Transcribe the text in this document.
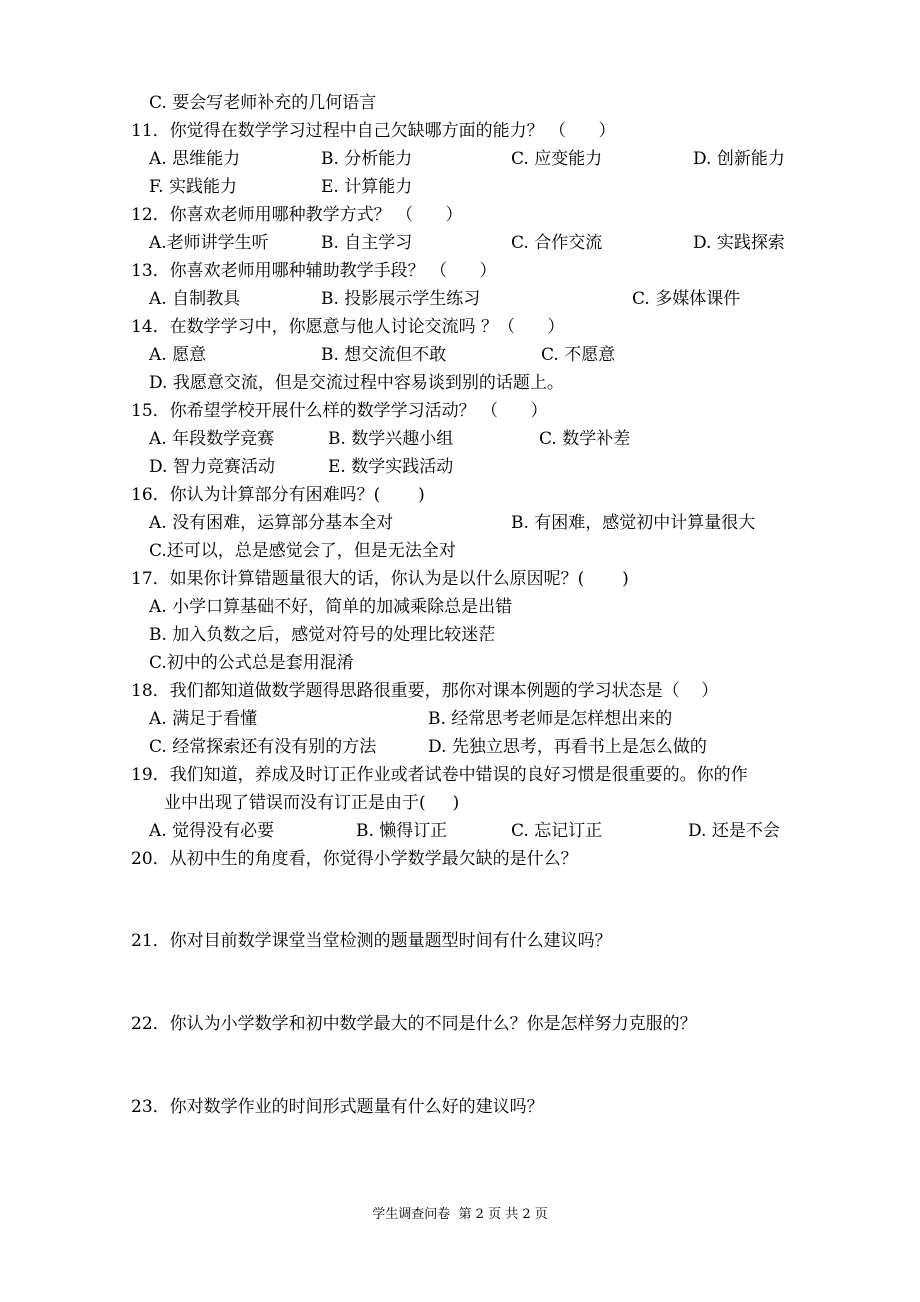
C. 要会写老师补充的几何语言
11．你觉得在数学学习过程中自己欠缺哪方面的能力？ （      ）
A. 思维能力	B. 分析能力	C. 应变能力	D. 创新能力
F. 实践能力	E. 计算能力
12．你喜欢老师用哪种教学方式？ （      ）
A.老师讲学生听	B. 自主学习	C. 合作交流	D. 实践探索
13．你喜欢老师用哪种辅助教学手段？ （      ）
A. 自制教具	B. 投影展示学生练习	C. 多媒体课件
14．在数学学习中，你愿意与他人讨论交流吗 ？（      ）
A. 愿意	B. 想交流但不敢	C. 不愿意
D. 我愿意交流，但是交流过程中容易谈到别的话题上。
15．你希望学校开展什么样的数学学习活动？ （      ）
A. 年段数学竞赛	B. 数学兴趣小组	C. 数学补差
D. 智力竞赛活动	E. 数学实践活动
16．你认为计算部分有困难吗？(       )
A. 没有困难，运算部分基本全对	B. 有困难，感觉初中计算量很大
C.还可以，总是感觉会了，但是无法全对
17．如果你计算错题量很大的话，你认为是以什么原因呢？(       )
A. 小学口算基础不好，简单的加减乘除总是出错
B. 加入负数之后，感觉对符号的处理比较迷茫
C.初中的公式总是套用混淆
18．我们都知道做数学题得思路很重要，那你对课本例题的学习状态是（    ）
A. 满足于看懂	B. 经常思考老师是怎样想出来的
C. 经常探索还有没有别的方法	D. 先独立思考，再看书上是怎么做的
19．我们知道，养成及时订正作业或者试卷中错误的良好习惯是很重要的。你的作
业中出现了错误而没有订正是由于(     )
A. 觉得没有必要	B. 懒得订正	C. 忘记订正	D. 还是不会
20．从初中生的角度看，你觉得小学数学最欠缺的是什么？
21．你对目前数学课堂当堂检测的题量题型时间有什么建议吗？
22．你认为小学数学和初中数学最大的不同是什么？你是怎样努力克服的？
23．你对数学作业的时间形式题量有什么好的建议吗？
学生调查问卷  第 2 页 共 2 页
